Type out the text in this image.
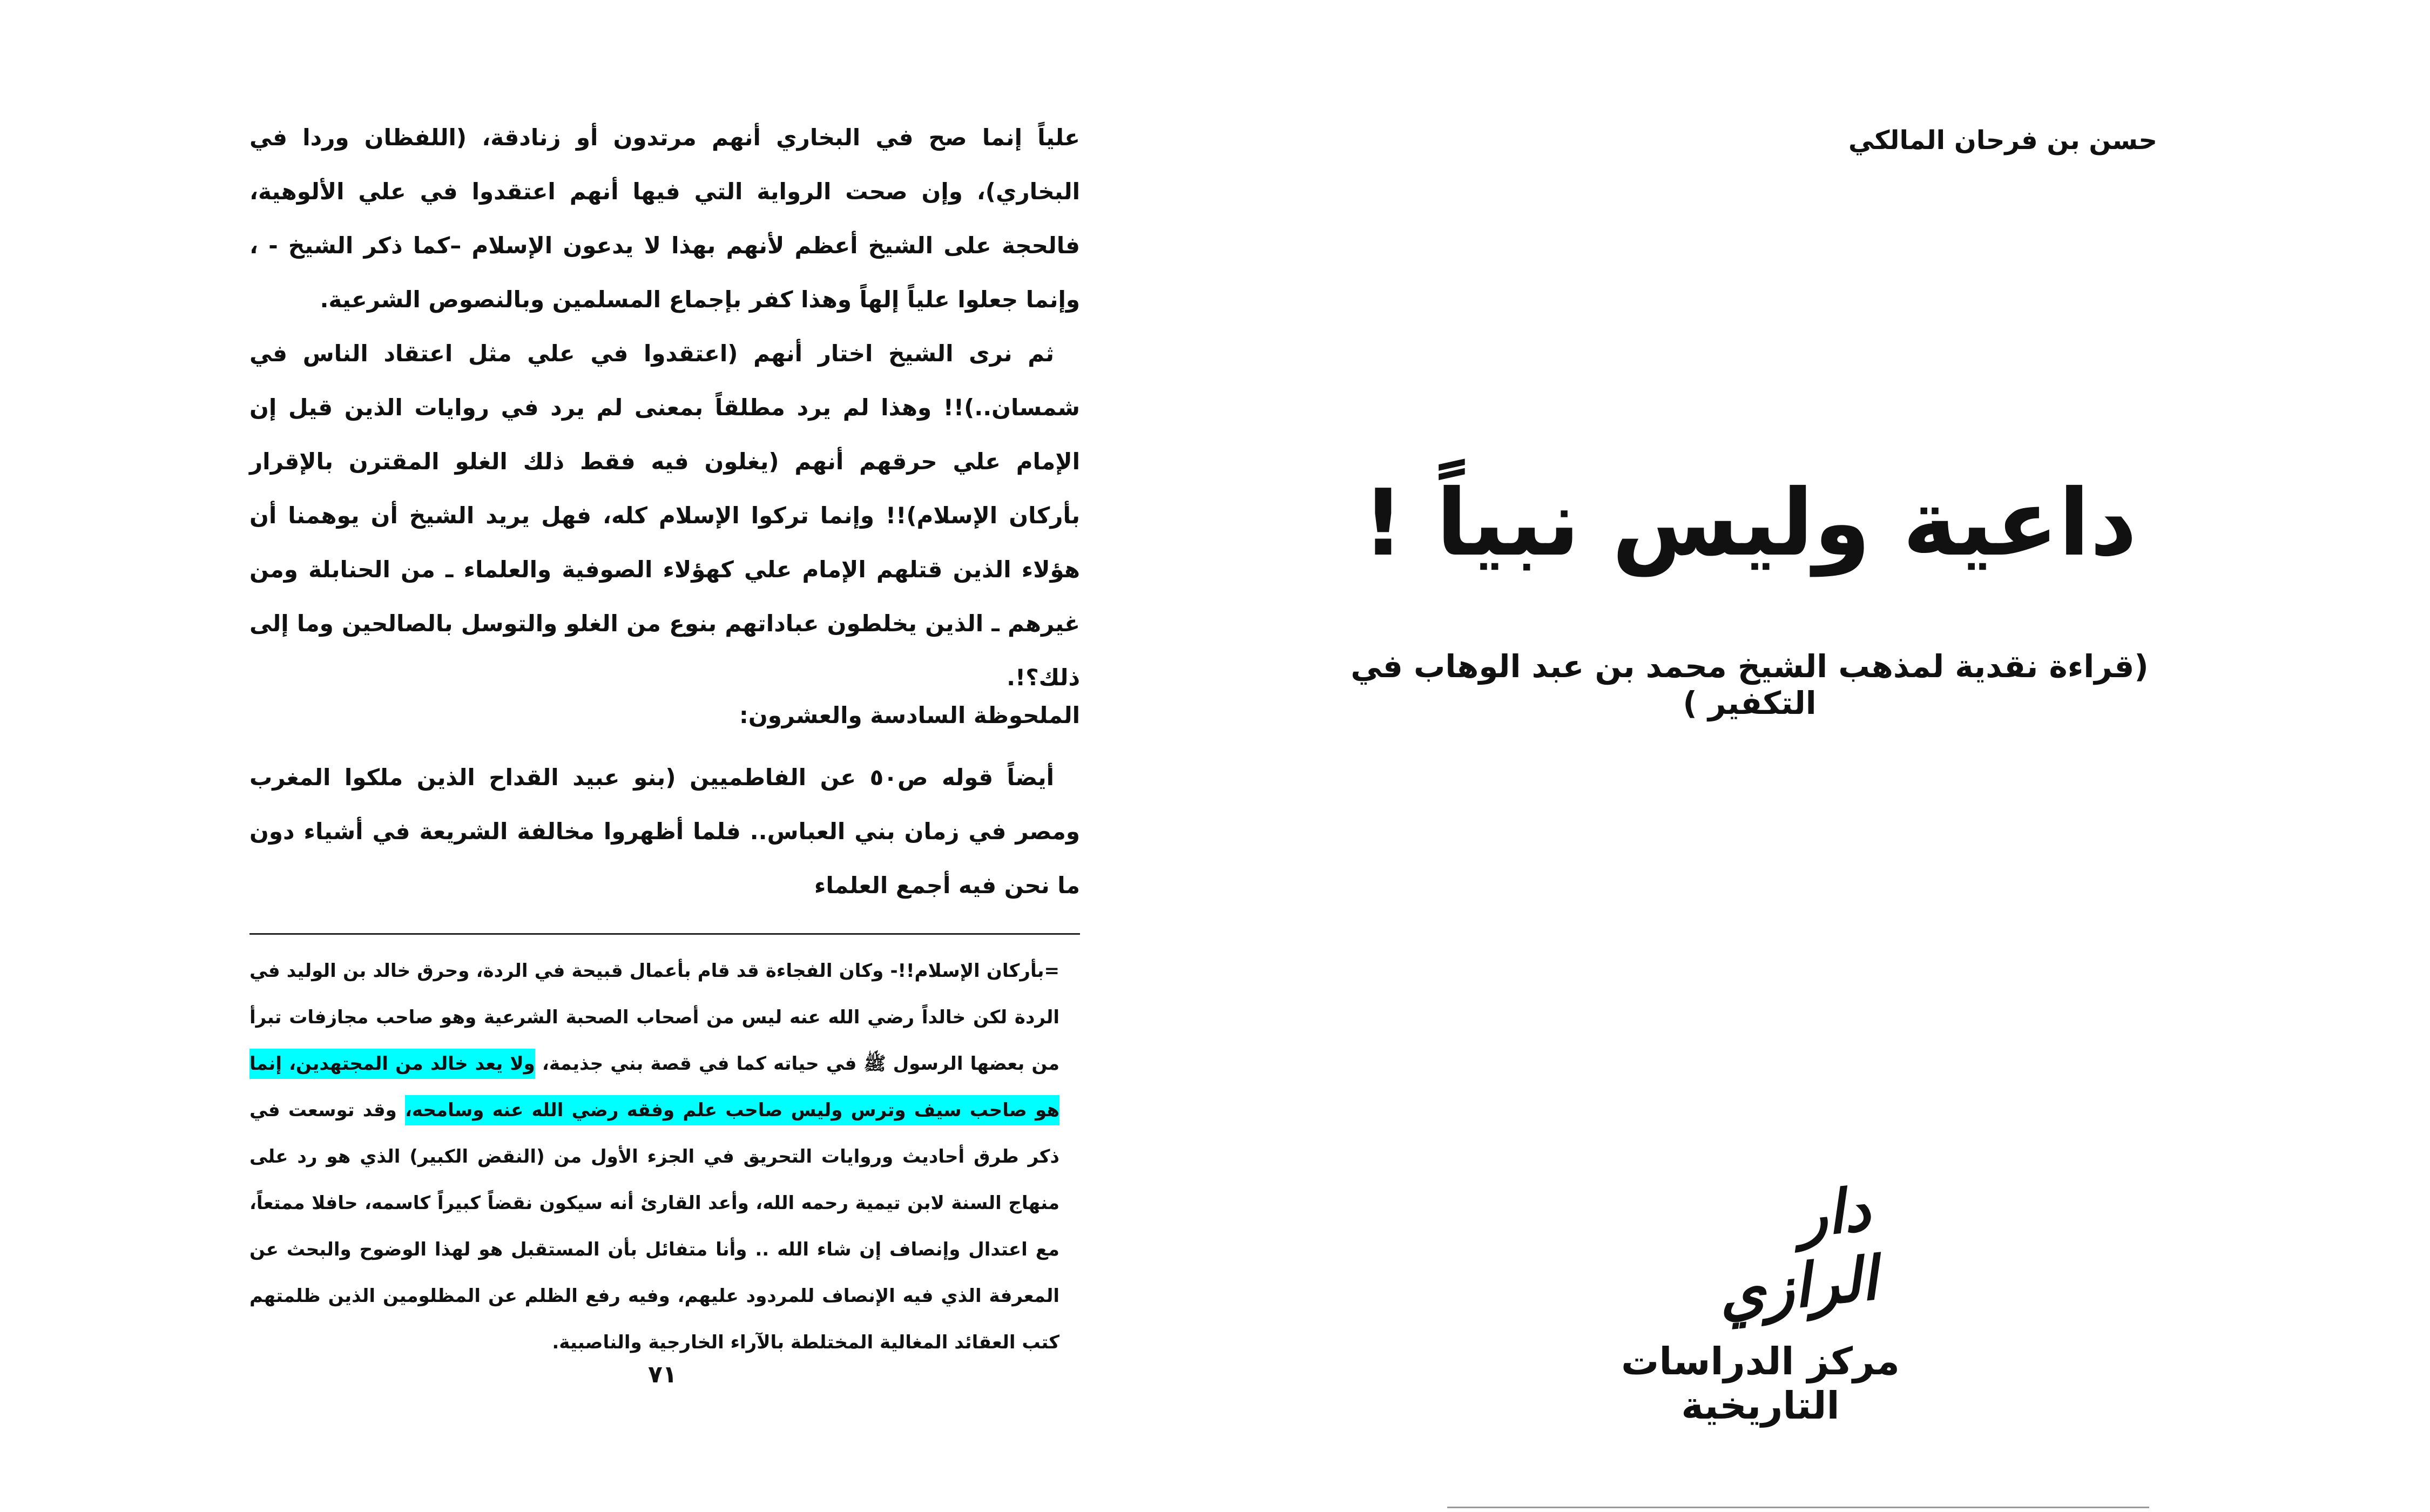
علياً إنما صح في البخاري أنهم مرتدون أو زنادقة، (اللفظان وردا في البخاري)، وإن صحت الرواية التي فيها أنهم اعتقدوا في علي الألوهية، فالحجة على الشيخ أعظم لأنهم بهذا لا يدعون الإسلام –كما ذكر الشيخ - ، وإنما جعلوا علياً إلهاً وهذا كفر بإجماع المسلمين وبالنصوص الشرعية.

ثم نرى الشيخ اختار أنهم (اعتقدوا في علي مثل اعتقاد الناس في شمسان..)!! وهذا لم يرد مطلقاً بمعنى لم يرد في روايات الذين قيل إن الإمام علي حرقهم أنهم (يغلون فيه فقط ذلك الغلو المقترن بالإقرار بأركان الإسلام)!! وإنما تركوا الإسلام كله، فهل يريد الشيخ أن يوهمنا أن هؤلاء الذين قتلهم الإمام علي كهؤلاء الصوفية والعلماء ـ من الحنابلة ومن غيرهم ـ الذين يخلطون عباداتهم بنوع من الغلو والتوسل بالصالحين وما إلى ذلك؟!.

الملحوظة السادسة والعشرون:

أيضاً قوله ص٥٠ عن الفاطميين (بنو عبيد القداح الذين ملكوا المغرب ومصر في زمان بني العباس.. فلما أظهروا مخالفة الشريعة في أشياء دون ما نحن فيه أجمع العلماء

=بأركان الإسلام!!- وكان الفجاءة قد قام بأعمال قبيحة في الردة، وحرق خالد بن الوليد في الردة لكن خالداً رضي الله عنه ليس من أصحاب الصحبة الشرعية وهو صاحب مجازفات تبرأ من بعضها الرسول ﷺ في حياته كما في قصة بني جذيمة، ولا يعد خالد من المجتهدين، إنما هو صاحب سيف وترس وليس صاحب علم وفقه رضي الله عنه وسامحه، وقد توسعت في ذكر طرق أحاديث وروايات التحريق في الجزء الأول من (النقض الكبير) الذي هو رد على منهاج السنة لابن تيمية رحمه الله، وأعد القارئ أنه سيكون نقضاً كبيراً كاسمه، حافلا ممتعاً، مع اعتدال وإنصاف إن شاء الله .. وأنا متفائل بأن المستقبل هو لهذا الوضوح والبحث عن المعرفة الذي فيه الإنصاف للمردود عليهم، وفيه رفع الظلم عن المظلومين الذين ظلمتهم كتب العقائد المغالية المختلطة بالآراء الخارجية والناصبية.
٧١
حسن بن فرحان المالكي
داعية وليس نبياً !
(قراءة نقدية لمذهب الشيخ محمد بن عبد الوهاب في التكفير )
دار الرازي
مركز الدراسات التاريخية
